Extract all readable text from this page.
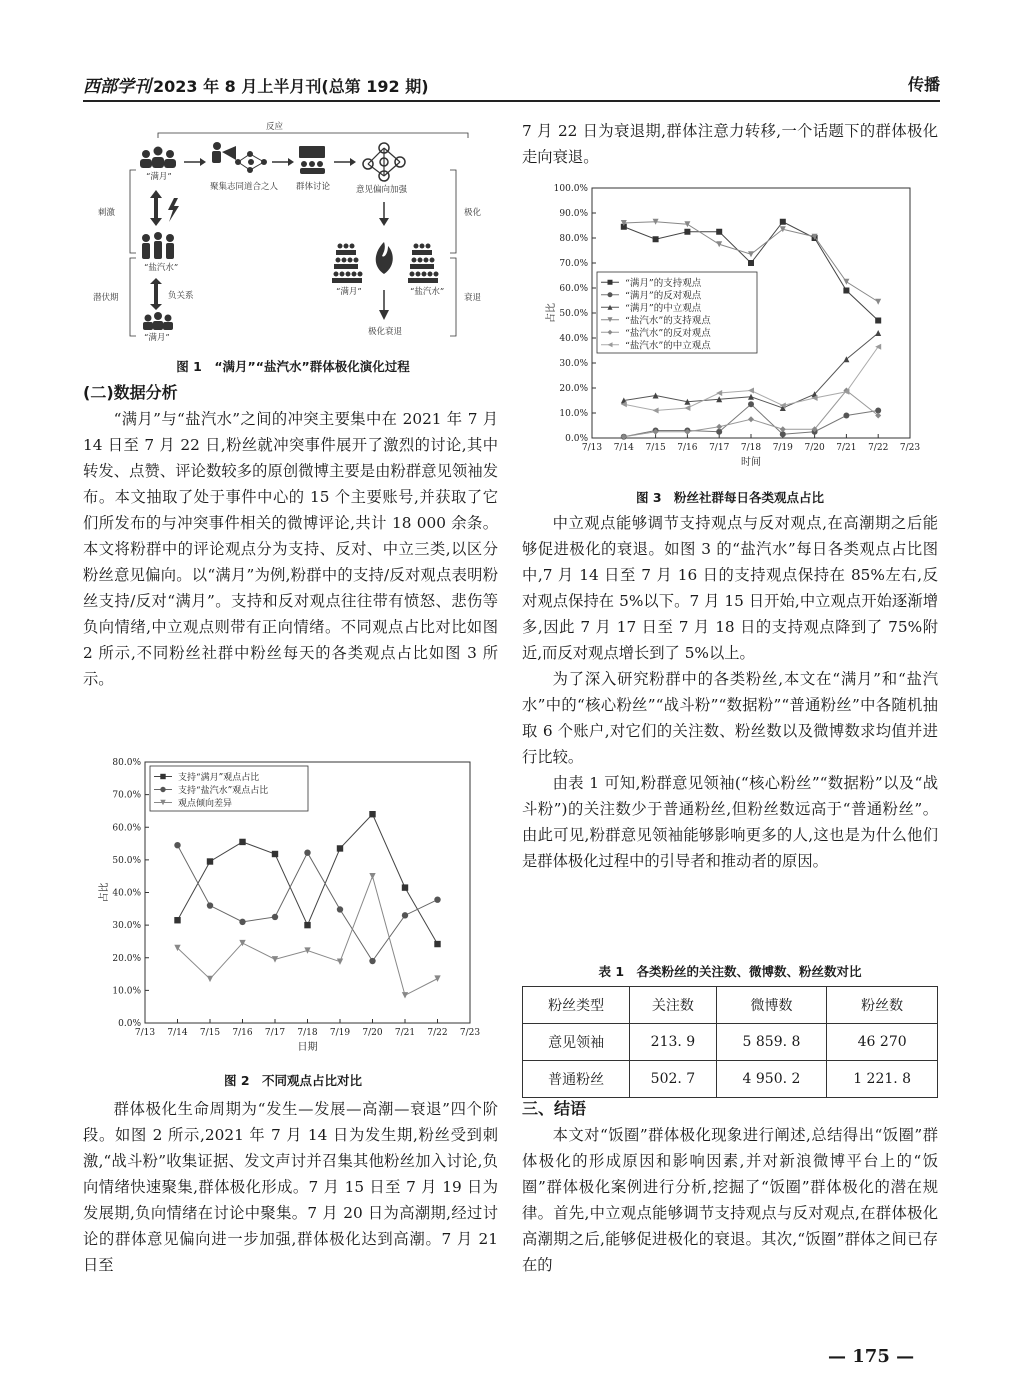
西部学刊 2023 年 8 月上半月刊(总第 192 期)	传播
反应
刺激
潜伏期
极化
衰退
“满月”
聚集志同道合之人 群体讨论	意见偏向加强
“盐汽水”
负关系
“满月”
“满月”	“盐汽水”
极化衰退
图 1　“满月”“盐汽水”群体极化演化过程
(二)数据分析

“满月”与“盐汽水”之间的冲突主要集中在 2021 年 7 月 14 日至 7 月 22 日,粉丝就冲突事件展开了激烈的讨论,其中转发、点赞、评论数较多的原创微博主要是由粉群意见领袖发布。本文抽取了处于事件中心的 15 个主要账号,并获取了它们所发布的与冲突事件相关的微博评论,共计 18 000 余条。本文将粉群中的评论观点分为支持、反对、中立三类,以区分粉丝意见偏向。以“满月”为例,粉群中的支持/反对观点表明粉丝支持/反对“满月”。支持和反对观点往往带有愤怒、悲伤等负向情绪,中立观点则带有正向情绪。不同观点占比对比如图 2 所示,不同粉丝社群中粉丝每天的各类观点占比如图 3 所示。

0.0%
10.0%
20.0%
30.0%
40.0%
50.0%
60.0%
70.0%
80.0%
7/13 7/14 7/15 7/16 7/17 7/18 7/19 7/20 7/21 7/22 7/23
日期
占比
支持“满月”观点占比
支持“盐汽水”观点占比
观点倾向差异
图 2　不同观点占比对比

群体极化生命周期为“发生—发展—高潮—衰退”四个阶段。如图 2 所示,2021 年 7 月 14 日为发生期,粉丝受到刺激,“战斗粉”收集证据、发文声讨并召集其他粉丝加入讨论,负向情绪快速聚集,群体极化形成。7 月 15 日至 7 月 19 日为发展期,负向情绪在讨论中聚集。7 月 20 日为高潮期,经过讨论的群体意见偏向进一步加强,群体极化达到高潮。7 月 21 日至

7 月 22 日为衰退期,群体注意力转移,一个话题下的群体极化走向衰退。

0.0%
10.0%
20.0%
30.0%
40.0%
50.0%
60.0%
70.0%
80.0%
90.0%
100.0%
7/13 7/14 7/15 7/16 7/17 7/18 7/19 7/20 7/21 7/22 7/23
时间
占比
“满月”的支持观点
“满月”的反对观点
“满月”的中立观点
“盐汽水”的支持观点
“盐汽水”的反对观点
“盐汽水”的中立观点
图 3　粉丝社群每日各类观点占比

中立观点能够调节支持观点与反对观点,在高潮期之后能够促进极化的衰退。如图 3 的“盐汽水”每日各类观点占比图中,7 月 14 日至 7 月 16 日的支持观点保持在 85%左右,反对观点保持在 5%以下。7 月 15 日开始,中立观点开始逐渐增多,因此 7 月 17 日至 7 月 18 日的支持观点降到了 75%附近,而反对观点增长到了 5%以上。

为了深入研究粉群中的各类粉丝,本文在“满月”和“盐汽水”中的“核心粉丝”“战斗粉”“数据粉”“普通粉丝”中各随机抽取 6 个账户,对它们的关注数、粉丝数以及微博数求均值并进行比较。

由表 1 可知,粉群意见领袖(“核心粉丝”“数据粉”以及“战斗粉”)的关注数少于普通粉丝,但粉丝数远高于“普通粉丝”。由此可见,粉群意见领袖能够影响更多的人,这也是为什么他们是群体极化过程中的引导者和推动者的原因。

表 1　各类粉丝的关注数、微博数、粉丝数对比
粉丝类型	关注数	微博数	粉丝数
意见领袖	213. 9	5 859. 8	46 270
普通粉丝	502. 7	4 950. 2	1 221. 8
三、结语

本文对“饭圈”群体极化现象进行阐述,总结得出“饭圈”群体极化的形成原因和影响因素,并对新浪微博平台上的“饭圈”群体极化案例进行分析,挖掘了“饭圈”群体极化的潜在规律。首先,中立观点能够调节支持观点与反对观点,在群体极化高潮期之后,能够促进极化的衰退。其次,“饭圈”群体之间已存在的

— 175 —
